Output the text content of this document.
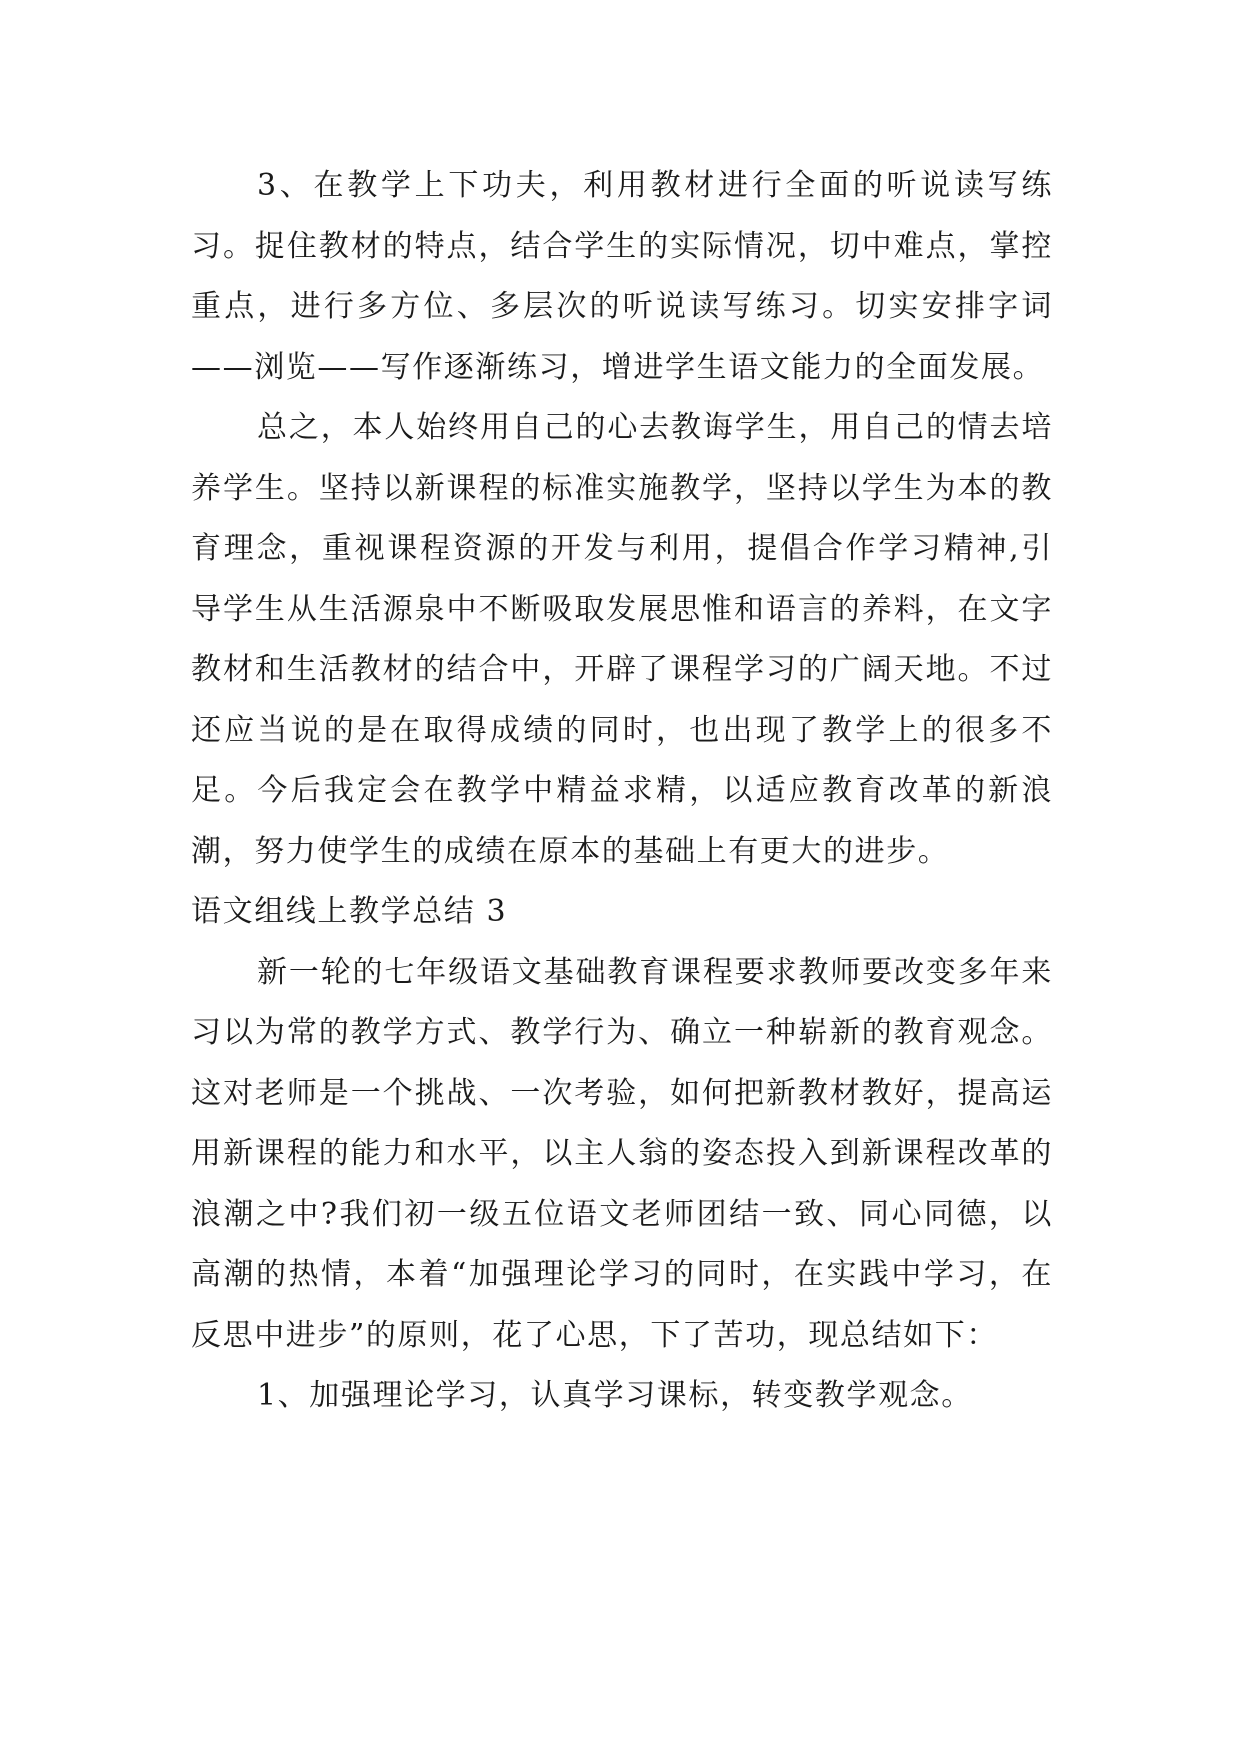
3、在教学上下功夫，利用教材进行全面的听说读写练习。捉住教材的特点，结合学生的实际情况，切中难点，掌控重点，进行多方位、多层次的听说读写练习。切实安排字词——浏览——写作逐渐练习，增进学生语文能力的全面发展。

总之，本人始终用自己的心去教诲学生，用自己的情去培养学生。坚持以新课程的标准实施教学，坚持以学生为本的教育理念，重视课程资源的开发与利用，提倡合作学习精神,引导学生从生活源泉中不断吸取发展思惟和语言的养料，在文字教材和生活教材的结合中，开辟了课程学习的广阔天地。不过还应当说的是在取得成绩的同时，也出现了教学上的很多不足。今后我定会在教学中精益求精，以适应教育改革的新浪潮，努力使学生的成绩在原本的基础上有更大的进步。

语文组线上教学总结 3

新一轮的七年级语文基础教育课程要求教师要改变多年来习以为常的教学方式、教学行为、确立一种崭新的教育观念。这对老师是一个挑战、一次考验，如何把新教材教好，提高运用新课程的能力和水平，以主人翁的姿态投入到新课程改革的浪潮之中?我们初一级五位语文老师团结一致、同心同德，以高潮的热情，本着“加强理论学习的同时，在实践中学习，在反思中进步”的原则，花了心思，下了苦功，现总结如下：

1、加强理论学习，认真学习课标，转变教学观念。
